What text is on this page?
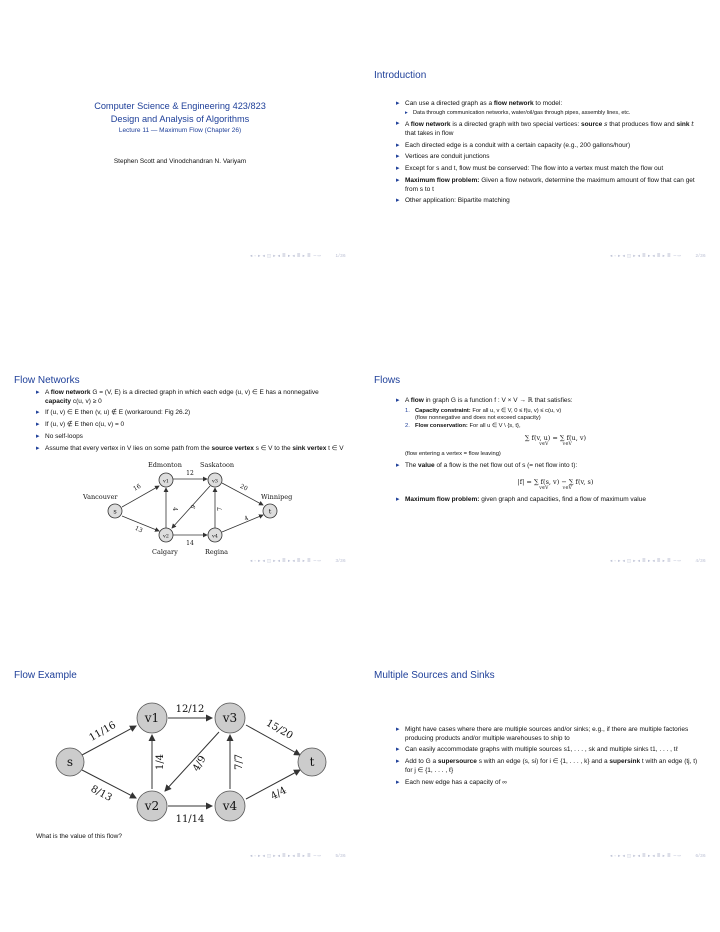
Computer Science & Engineering 423/823
Design and Analysis of Algorithms
Lecture 11 — Maximum Flow (Chapter 26)
Stephen Scott and Vinodchandran N. Variyam
◂ ▫ ▸ ◂ ◫ ▸ ◂ ≣ ▸ ◂ ≣ ▸ ≣ ∽∾	1/36
Introduction
▸ Can use a directed graph as a flow network to model:
▸ Data through communication networks, water/oil/gas through pipes, assembly lines, etc.
▸ A flow network is a directed graph with two special vertices: source s that produces flow and sink t that takes in flow
▸ Each directed edge is a conduit with a certain capacity (e.g., 200 gallons/hour)
▸ Vertices are conduit junctions
▸ Except for s and t, flow must be conserved: The flow into a vertex must match the flow out
▸ Maximum flow problem: Given a flow network, determine the maximum amount of flow that can get from s to t
▸ Other application: Bipartite matching
◂ ▫ ▸ ◂ ◫ ▸ ◂ ≣ ▸ ◂ ≣ ▸ ≣ ∽∾	2/36
Flow Networks
▸ A flow network G = (V, E) is a directed graph in which each edge (u, v) ∈ E has a nonnegative capacity c(u, v) ≥ 0
▸ If (u, v) ∈ E then (v, u) ∉ E (workaround: Fig 26.2)
▸ If (u, v) ∉ E then c(u, v) = 0
▸ No self-loops
▸ Assume that every vertex in V lies on some path from the source vertex s ∈ V to the sink vertex t ∈ V
s
v1
v2
v3
v4
t
Edmonton	Saskatoon
Vancouver	Winnipeg
Calgary	Regina
16
13
12
4 9	7
14
20
4
◂ ▫ ▸ ◂ ◫ ▸ ◂ ≣ ▸ ◂ ≣ ▸ ≣ ∽∾	3/36
Flows
▸ A flow in graph G is a function f : V × V → ℝ that satisfies:
1. Capacity constraint: For all u, v ∈ V, 0 ≤ f(u, v) ≤ c(u, v)
(flow nonnegative and does not exceed capacity)
2. Flow conservation: For all u ∈ V \ {s, t},
∑ f(v, u) = ∑ f(u, v)
v∈V          v∈V
(flow entering a vertex = flow leaving)
▸ The value of a flow is the net flow out of s (= net flow into t):
|f| = ∑ f(s, v) − ∑ f(v, s)
v∈V          v∈V
▸ Maximum flow problem: given graph and capacities, find a flow of maximum value
◂ ▫ ▸ ◂ ◫ ▸ ◂ ≣ ▸ ◂ ≣ ▸ ≣ ∽∾	4/36
Flow Example
s
v1
v2
v3
v4
t
11/16
8/13
12/12
1/4	4/9	7/7
11/14
15/20
4/4
What is the value of this flow?
◂ ▫ ▸ ◂ ◫ ▸ ◂ ≣ ▸ ◂ ≣ ▸ ≣ ∽∾	5/36
Multiple Sources and Sinks
▸ Might have cases where there are multiple sources and/or sinks; e.g., if there are multiple factories producing products and/or multiple warehouses to ship to
▸ Can easily accommodate graphs with multiple sources s1, . . . , sk and multiple sinks t1, . . . , tℓ
▸ Add to G a supersource s with an edge (s, si) for i ∈ {1, . . . , k} and a supersink t with an edge (tj, t) for j ∈ {1, . . . , ℓ}
▸ Each new edge has a capacity of ∞
◂ ▫ ▸ ◂ ◫ ▸ ◂ ≣ ▸ ◂ ≣ ▸ ≣ ∽∾	6/36
